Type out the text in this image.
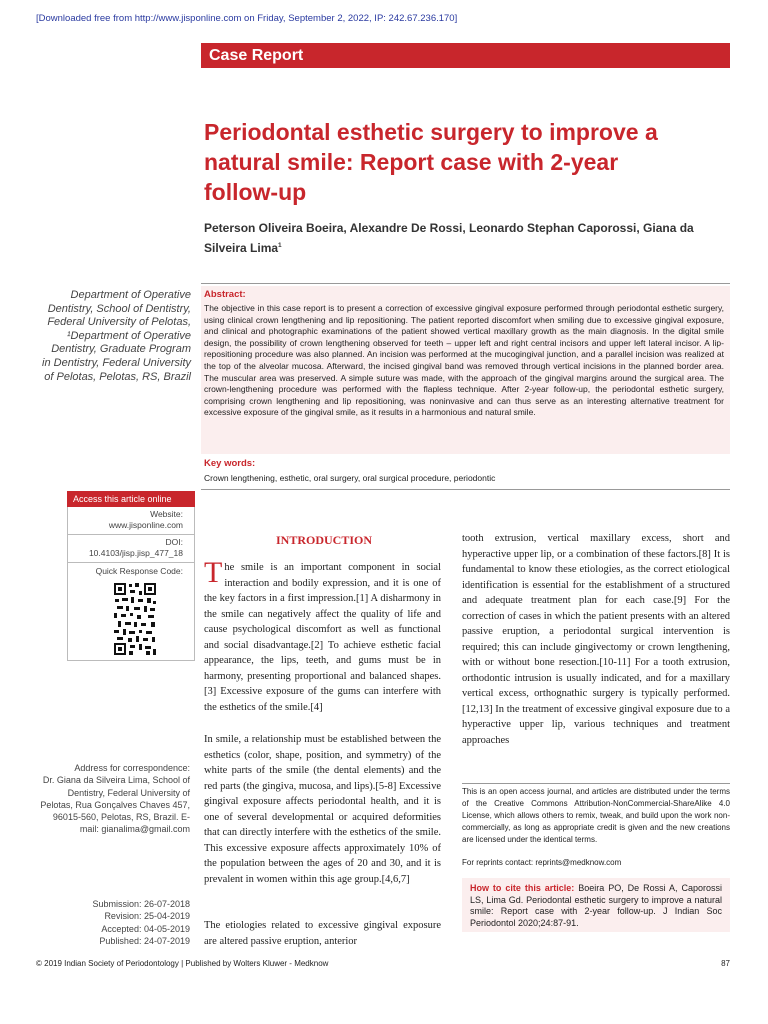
[Downloaded free from http://www.jisponline.com on Friday, September 2, 2022, IP: 242.67.236.170]
Case Report
Periodontal esthetic surgery to improve a natural smile: Report case with 2-year follow-up
Peterson Oliveira Boeira, Alexandre De Rossi, Leonardo Stephan Caporossi, Giana da Silveira Lima$^1$
Department of Operative Dentistry, School of Dentistry, Federal University of Pelotas, ¹Department of Operative Dentistry, Graduate Program in Dentistry, Federal University of Pelotas, Pelotas, RS, Brazil
Abstract:
The objective in this case report is to present a correction of excessive gingival exposure performed through periodontal esthetic surgery, using clinical crown lengthening and lip repositioning. The patient reported discomfort when smiling due to excessive gingival exposure, and clinical and photographic examinations of the patient showed vertical maxillary growth as the main diagnosis. In the digital smile design, the possibility of crown lengthening observed for teeth – upper left and right central incisors and upper left lateral incisor. A lip-repositioning procedure was also planned. An incision was performed at the mucogingival junction, and a parallel incision was realized at the top of the alveolar mucosa. Afterward, the incised gingival band was removed through vertical incisions in the planned border area. The muscular area was preserved. A simple suture was made, with the approach of the gingival margins around the surgical area. The crown-lengthening procedure was performed with the flapless technique. After 2-year follow-up, the periodontal esthetic surgery, comprising crown lengthening and lip repositioning, was noninvasive and can thus serve as an interesting alternative treatment for excessive exposure of the gingival smile, as it results in a harmonious and natural smile.
Key words:
Crown lengthening, esthetic, oral surgery, oral surgical procedure, periodontic
Access this article online
Website:
www.jisponline.com
DOI:
10.4103/jisp.jisp_477_18
Quick Response Code:
INTRODUCTION
The smile is an important component in social interaction and bodily expression, and it is one of the key factors in a first impression.[1] A disharmony in the smile can negatively affect the quality of life and cause psychological discomfort as well as functional and social disadvantage.[2] To achieve esthetic facial appearance, the lips, teeth, and gums must be in harmony, presenting proportional and balanced shapes.[3] Excessive exposure of the gums can interfere with the esthetics of the smile.[4]
In smile, a relationship must be established between the esthetics (color, shape, position, and symmetry) of the white parts of the smile (the dental elements) and the red parts (the gingiva, mucosa, and lips).[5-8] Excessive gingival exposure affects periodontal health, and it is one of several developmental or acquired deformities that can directly interfere with the esthetics of the smile. This excessive exposure affects approximately 10% of the population between the ages of 20 and 30, and it is prevalent in women within this age group.[4,6,7]
The etiologies related to excessive gingival exposure are altered passive eruption, anterior
tooth extrusion, vertical maxillary excess, short and hyperactive upper lip, or a combination of these factors.[8] It is fundamental to know these etiologies, as the correct etiological identification is essential for the establishment of a structured and adequate treatment plan for each case.[9] For the correction of cases in which the patient presents with an altered passive eruption, a periodontal surgical intervention is required; this can include gingivectomy or crown lengthening, with or without bone resection.[10-11] For a tooth extrusion, orthodontic intrusion is usually indicated, and for a maxillary vertical excess, orthognathic surgery is typically performed.[12,13] In the treatment of excessive gingival exposure due to a hyperactive upper lip, various techniques and treatment approaches
Address for correspondence:
Dr. Giana da Silveira Lima, School of Dentistry, Federal University of Pelotas, Rua Gonçalves Chaves 457, 96015-560, Pelotas, RS, Brazil. E-mail: gianalima@gmail.com
Submission: 26-07-2018
Revision: 25-04-2019
Accepted: 04-05-2019
Published: 24-07-2019
This is an open access journal, and articles are distributed under the terms of the Creative Commons Attribution-NonCommercial-ShareAlike 4.0 License, which allows others to remix, tweak, and build upon the work non-commercially, as long as appropriate credit is given and the new creations are licensed under the identical terms.
For reprints contact: reprints@medknow.com
How to cite this article: Boeira PO, De Rossi A, Caporossi LS, Lima Gd. Periodontal esthetic surgery to improve a natural smile: Report case with 2-year follow-up. J Indian Soc Periodontol 2020;24:87-91.
© 2019 Indian Society of Periodontology | Published by Wolters Kluwer - Medknow	87
